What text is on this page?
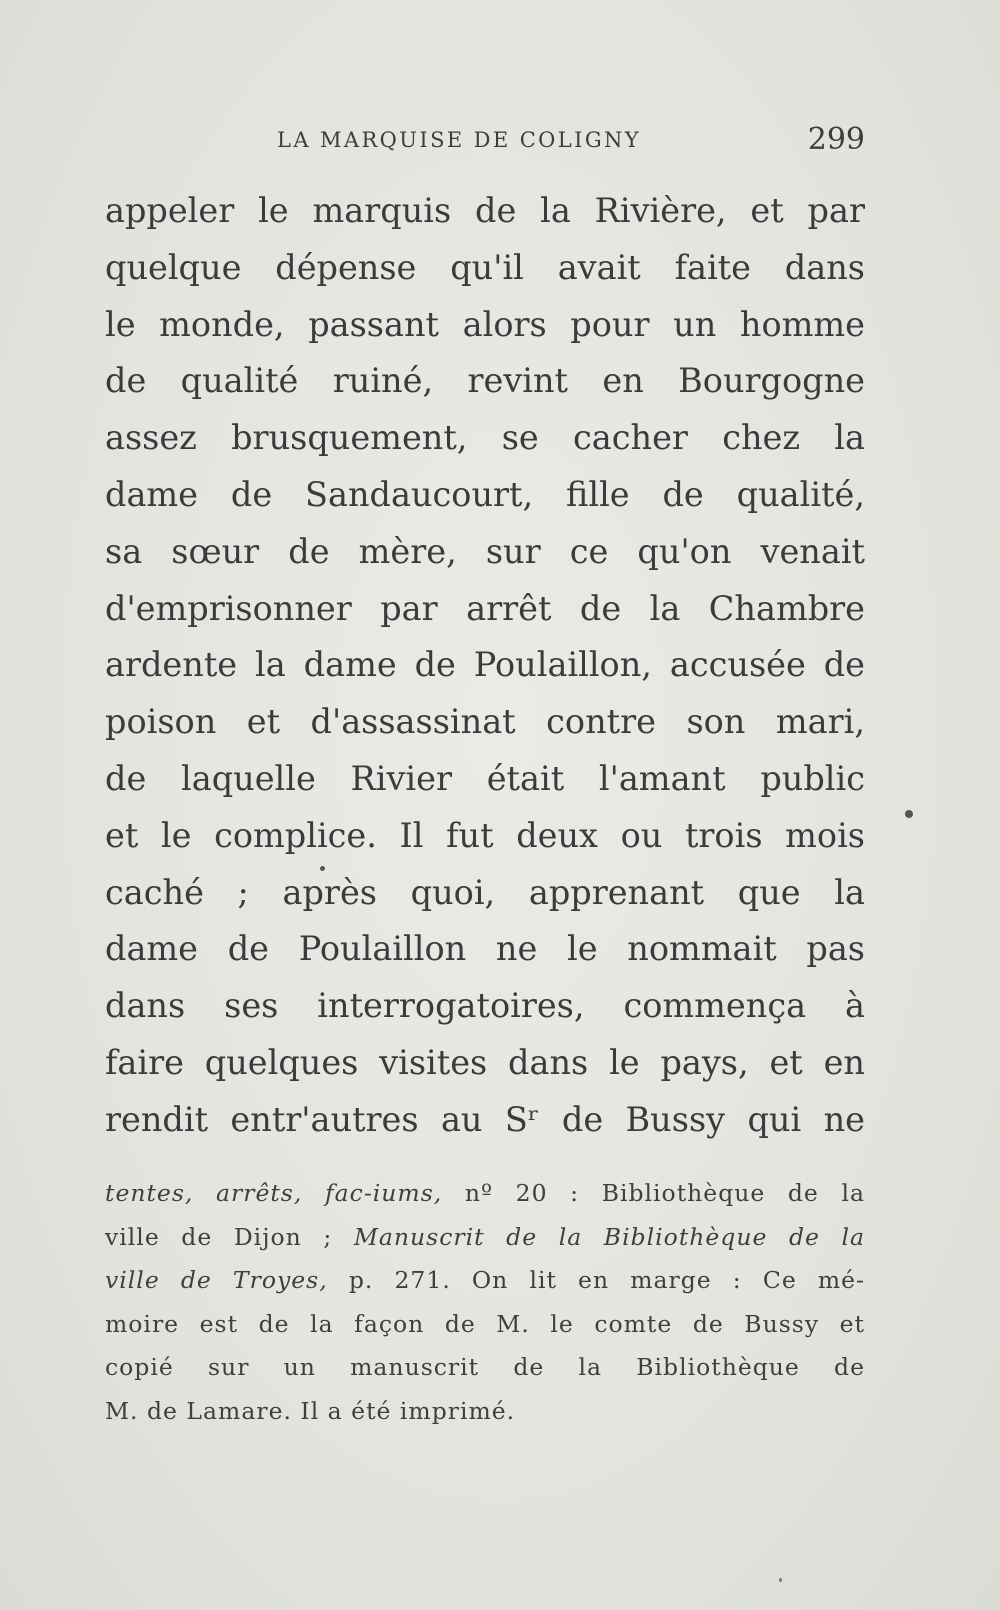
LA MARQUISE DE COLIGNY	299
appeler le marquis de la Rivière, et par
quelque dépense qu'il avait faite dans
le monde, passant alors pour un homme
de qualité ruiné, revint en Bourgogne
assez brusquement, se cacher chez la
dame de Sandaucourt, fille de qualité,
sa sœur de mère, sur ce qu'on venait
d'emprisonner par arrêt de la Chambre
ardente la dame de Poulaillon, accusée de
poison et d'assassinat contre son mari,
de laquelle Rivier était l'amant public
et le complice. Il fut deux ou trois mois
caché ; après quoi, apprenant que la
dame de Poulaillon ne le nommait pas
dans ses interrogatoires, commença à
faire quelques visites dans le pays, et en
rendit entr'autres au Sʳ de Bussy qui ne
tentes, arrêts, fac-iums, nº 20 : Bibliothèque de la
ville de Dijon ; Manuscrit de la Bibliothèque de la
ville de Troyes, p. 271. On lit en marge : Ce mé-
moire est de la façon de M. le comte de Bussy et
copié sur un manuscrit de la Bibliothèque de
M. de Lamare. Il a été imprimé.
